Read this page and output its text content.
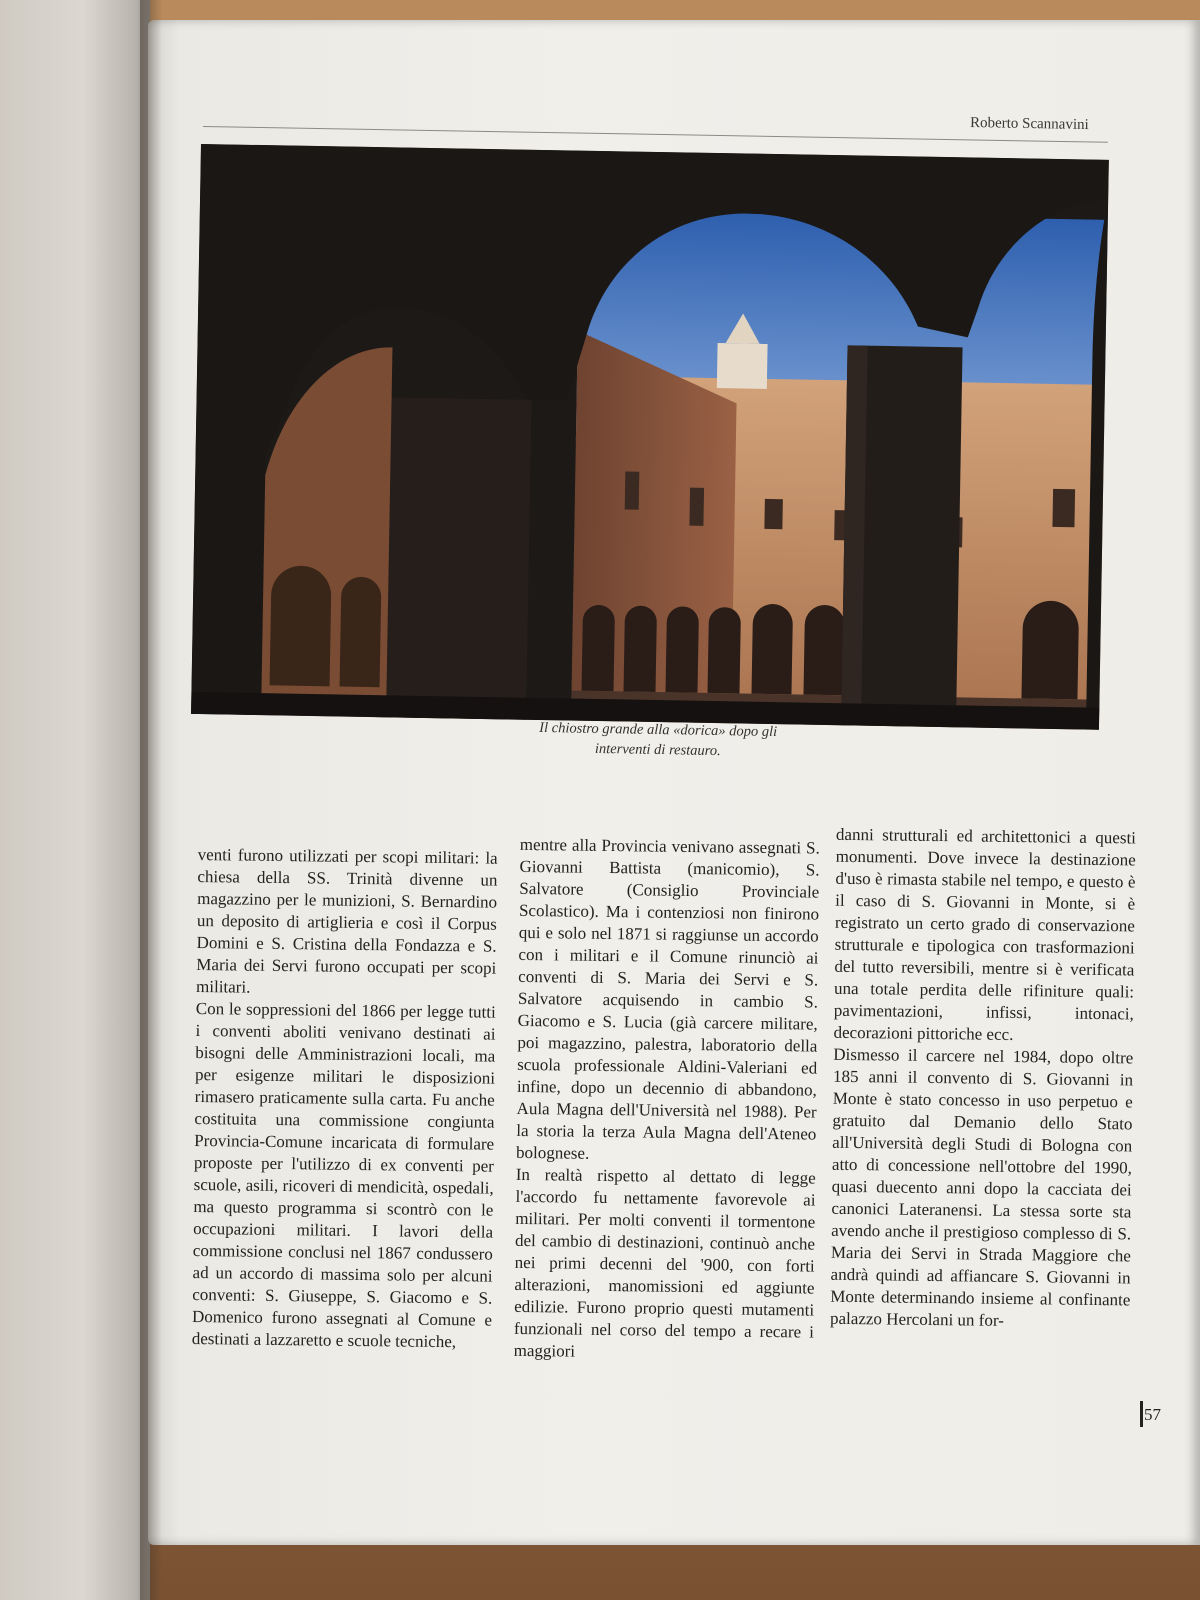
Roberto Scannavini
Il chiostro grande alla «dorica» dopo gli
interventi di restauro.

venti furono utilizzati per scopi militari: la chiesa della SS. Trinità divenne un magazzino per le munizioni, S. Bernardino un deposito di artiglieria e così il Corpus Domini e S. Cristina della Fondazza e S. Maria dei Servi furono occupati per scopi militari.

Con le soppressioni del 1866 per legge tutti i conventi aboliti venivano destinati ai bisogni delle Amministrazioni locali, ma per esigenze militari le disposizioni rimasero praticamente sulla carta. Fu anche costituita una commissione congiunta Provincia-Comune incaricata di formulare proposte per l'utilizzo di ex conventi per scuole, asili, ricoveri di mendicità, ospedali, ma questo programma si scontrò con le occupazioni militari. I lavori della commissione conclusi nel 1867 condussero ad un accordo di massima solo per alcuni conventi: S. Giuseppe, S. Giacomo e S. Domenico furono assegnati al Comune e destinati a lazzaretto e scuole tecniche,

mentre alla Provincia venivano assegnati S. Giovanni Battista (manicomio), S. Salvatore (Consiglio Provinciale Scolastico). Ma i contenziosi non finirono qui e solo nel 1871 si raggiunse un accordo con i militari e il Comune rinunciò ai conventi di S. Maria dei Servi e S. Salvatore acquisendo in cambio S. Giacomo e S. Lucia (già carcere militare, poi magazzino, palestra, laboratorio della scuola professionale Aldini-Valeriani ed infine, dopo un decennio di abbandono, Aula Magna dell'Università nel 1988). Per la storia la terza Aula Magna dell'Ateneo bolognese.

In realtà rispetto al dettato di legge l'accordo fu nettamente favorevole ai militari. Per molti conventi il tormentone del cambio di destinazioni, continuò anche nei primi decenni del '900, con forti alterazioni, manomissioni ed aggiunte edilizie. Furono proprio questi mutamenti funzionali nel corso del tempo a recare i maggiori

danni strutturali ed architettonici a questi monumenti. Dove invece la destinazione d'uso è rimasta stabile nel tempo, e questo è il caso di S. Giovanni in Monte, si è registrato un certo grado di conservazione strutturale e tipologica con trasformazioni del tutto reversibili, mentre si è verificata una totale perdita delle rifiniture quali: pavimentazioni, infissi, intonaci, decorazioni pittoriche ecc.

Dismesso il carcere nel 1984, dopo oltre 185 anni il convento di S. Giovanni in Monte è stato concesso in uso perpetuo e gratuito dal Demanio dello Stato all'Università degli Studi di Bologna con atto di concessione nell'ottobre del 1990, quasi duecento anni dopo la cacciata dei canonici Lateranensi. La stessa sorte sta avendo anche il prestigioso complesso di S. Maria dei Servi in Strada Maggiore che andrà quindi ad affiancare S. Giovanni in Monte determinando insieme al confinante palazzo Hercolani un for-

57
